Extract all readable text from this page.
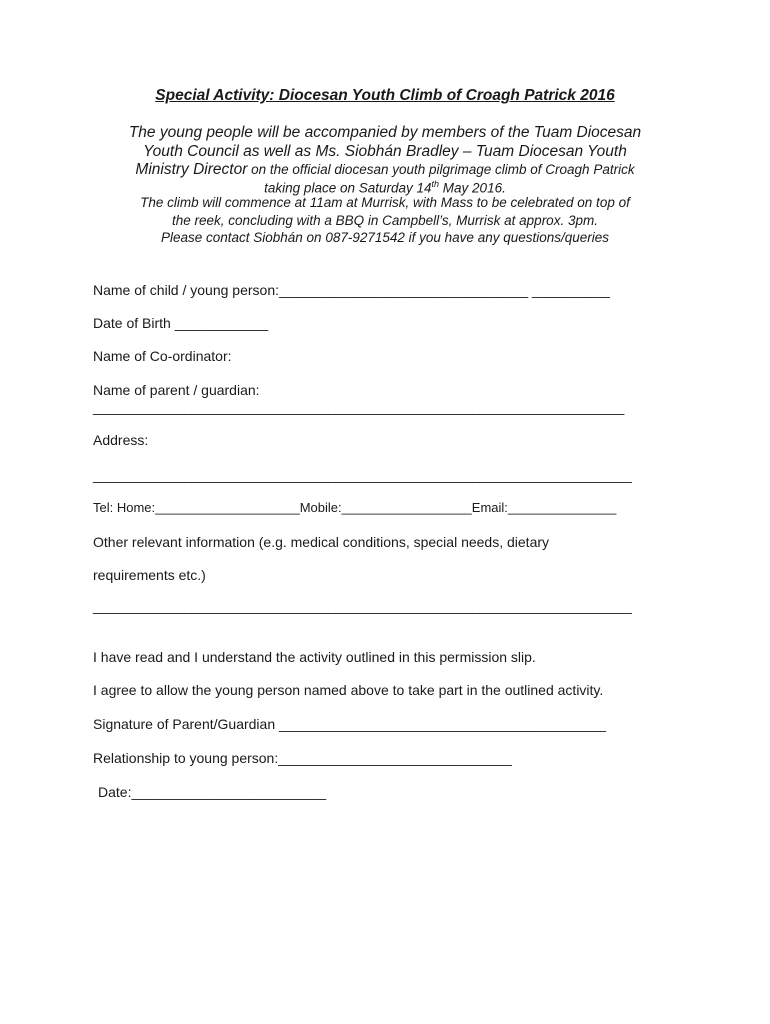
Special Activity: Diocesan Youth Climb of Croagh Patrick 2016
The young people will be accompanied by members of the Tuam Diocesan
Youth Council as well as Ms. Siobhán Bradley – Tuam Diocesan Youth
Ministry Director on the official diocesan youth pilgrimage climb of Croagh Patrick
taking place on Saturday 14th May 2016.
The climb will commence at 11am at Murrisk, with Mass to be celebrated on top of
the reek, concluding with a BBQ in Campbell’s, Murrisk at approx. 3pm.
Please contact Siobhán on 087-9271542 if you have any questions/queries
Name of child / young person:________________________________ __________
Date of Birth ____________
Name of Co-ordinator:
Name of parent / guardian:
______________________________________________________________________
Address:
_______________________________________________________________________
Tel: Home:____________________Mobile:__________________Email:_______________
Other relevant information (e.g. medical conditions, special needs, dietary
requirements etc.)
_______________________________________________________________________
I have read and I understand the activity outlined in this permission slip.
I agree to allow the young person named above to take part in the outlined activity.
Signature of Parent/Guardian __________________________________________
Relationship to young person:______________________________
Date:_________________________
